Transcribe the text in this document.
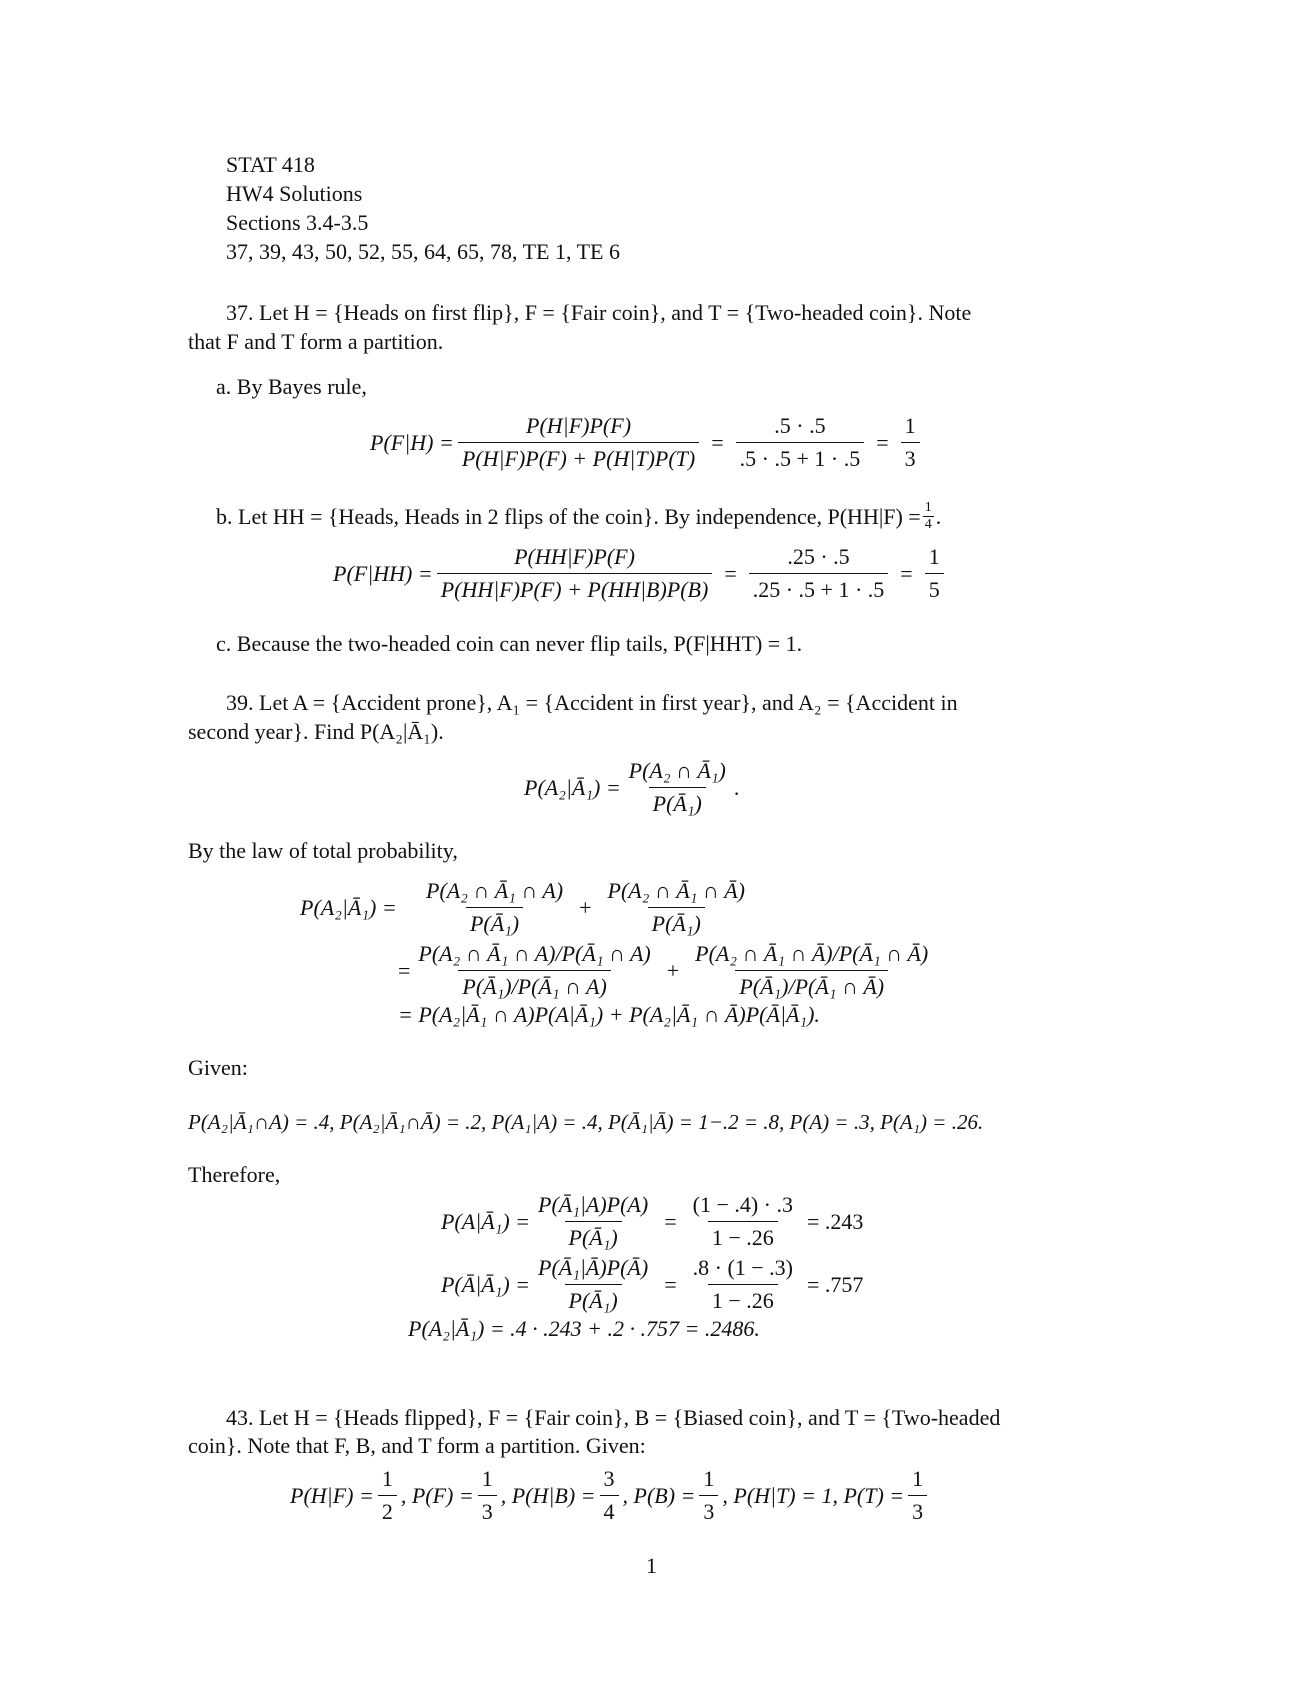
STAT 418
HW4 Solutions
Sections 3.4-3.5
37, 39, 43, 50, 52, 55, 64, 65, 78, TE 1, TE 6
37. Let H = {Heads on first flip}, F = {Fair coin}, and T = {Two-headed coin}. Note
that F and T form a partition.
a. By Bayes rule,
$P(F|H) = \frac{P(H|F)P(F)}{P(H|F)P(F) + P(H|T)P(T)} = \frac{.5 \cdot .5}{.5 \cdot .5 + 1 \cdot .5} = \frac{1}{3}$
b. Let HH = {Heads, Heads in 2 flips of the coin}. By independence, $P(HH|F) = \frac{1}{4}$ .
$P(F|HH) = \frac{P(HH|F)P(F)}{P(HH|F)P(F) + P(HH|B)P(B)} = \frac{.25 \cdot .5}{.25 \cdot .5 + 1 \cdot .5} = \frac{1}{5}$
c. Because the two-headed coin can never flip tails, P(F|HHT) = 1.
39. Let A = {Accident prone}, A₁ = {Accident in first year}, and A₂ = {Accident in
second year}. Find P(A₂|Ā₁).
P(A₂|Ā₁) = $\frac{\text{P(A₂ ∩ Ā₁)}}{\text{P(Ā₁)}}$ .
By the law of total probability,
P(A₂|Ā₁) =	$\frac{\text{P(A₂ ∩ Ā₁ ∩ A)}}{\text{P(Ā₁)}} + \frac{\text{P(A₂ ∩ Ā₁ ∩ Ā)}}{\text{P(Ā₁)}}$
= $\frac{\text{P(A₂ ∩ Ā₁ ∩ A)/P(Ā₁ ∩ A)}}{\text{P(Ā₁)/P(Ā₁ ∩ A)}} + \frac{\text{P(A₂ ∩ Ā₁ ∩ Ā)/P(Ā₁ ∩ Ā)}}{\text{P(Ā₁)/P(Ā₁ ∩ Ā)}}$
= P(A₂|Ā₁ ∩ A)P(A|Ā₁) + P(A₂|Ā₁ ∩ Ā)P(Ā|Ā₁).
Given:
P(A₂|Ā₁∩A) = .4, P(A₂|Ā₁∩Ā) = .2, P(A₁|A) = .4, P(Ā₁|Ā) = 1−.2 = .8, P(A) = .3, P(A₁) = .26.
Therefore,
P(A|Ā₁) = $\frac{\text{P(Ā₁|A)P(A)}}{\text{P(Ā₁)}} = \frac{(1 - .4) \cdot .3}{1 - .26} = .243$
P(Ā|Ā₁) = $\frac{\text{P(Ā₁|Ā)P(Ā)}}{\text{P(Ā₁)}} = \frac{.8 \cdot (1 - .3)}{1 - .26} = .757$
P(A₂|Ā₁) = .4 · .243 + .2 · .757 = .2486.
43. Let H = {Heads flipped}, F = {Fair coin}, B = {Biased coin}, and T = {Two-headed
coin}. Note that F, B, and T form a partition. Given:
$P(H|F) = \frac{1}{2}$ , $P(F) = \frac{1}{3}$ , $P(H|B) = \frac{3}{4}$ , $P(B) = \frac{1}{3}$ , P(H|T) = 1, $P(T) = \frac{1}{3}$
1
